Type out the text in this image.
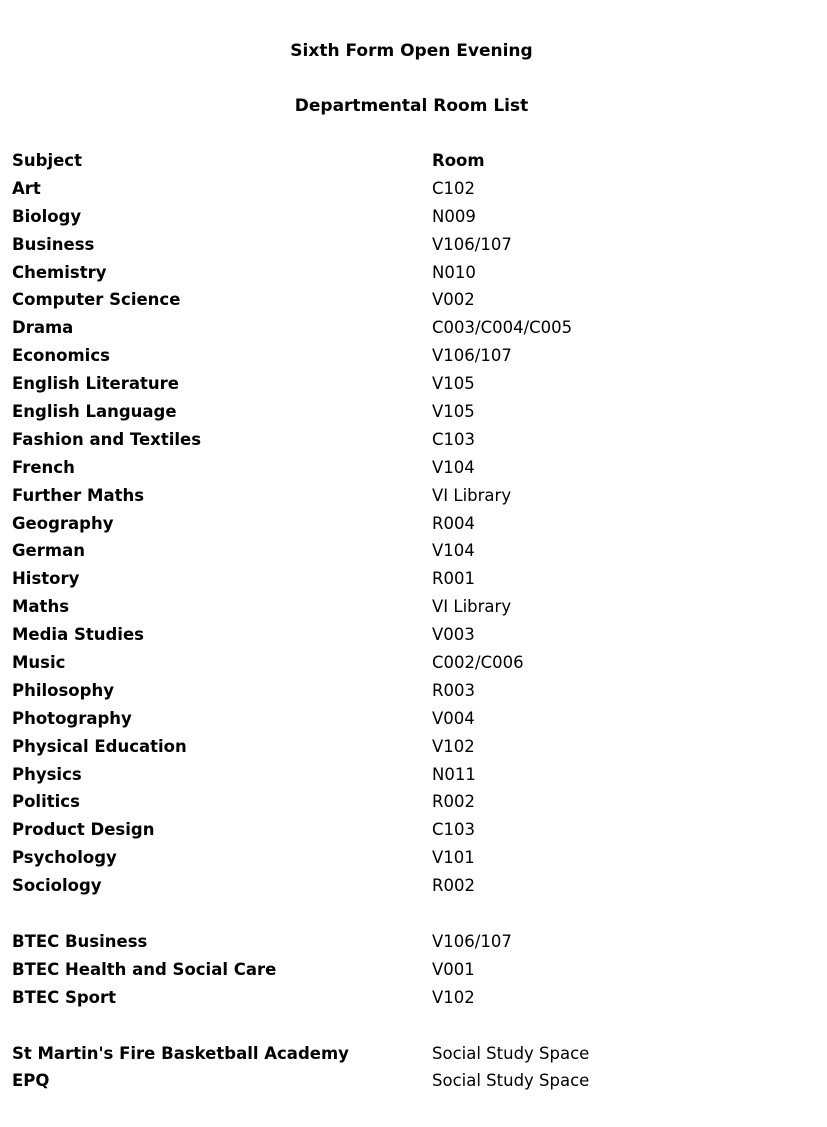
Sixth Form Open Evening
Departmental Room List
Subject	Room
Art	C102
Biology	N009
Business	V106/107
Chemistry	N010
Computer Science	V002
Drama	C003/C004/C005
Economics	V106/107
English Literature	V105
English Language	V105
Fashion and Textiles	C103
French	V104
Further Maths	VI Library
Geography	R004
German	V104
History	R001
Maths	VI Library
Media Studies	V003
Music	C002/C006
Philosophy	R003
Photography	V004
Physical Education	V102
Physics	N011
Politics	R002
Product Design	C103
Psychology	V101
Sociology	R002
BTEC Business	V106/107
BTEC Health and Social Care	V001
BTEC Sport	V102
St Martin's Fire Basketball Academy	Social Study Space
EPQ	Social Study Space
